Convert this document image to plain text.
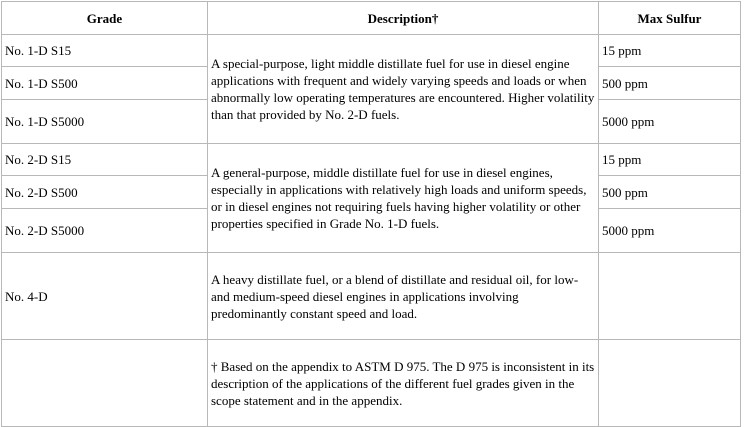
Grade	Description†	Max Sulfur
No. 1-D S15	A special-purpose, light middle distillate fuel for use in diesel engine applications with frequent and widely varying speeds and loads or when abnormally low operating temperatures are encountered. Higher volatility than that provided by No. 2-D fuels.	15 ppm
No. 1-D S500		500 ppm
No. 1-D S5000		5000 ppm
No. 2-D S15	A general-purpose, middle distillate fuel for use in diesel engines, especially in applications with relatively high loads and uniform speeds, or in diesel engines not requiring fuels having higher volatility or other properties specified in Grade No. 1-D fuels.	15 ppm
No. 2-D S500		500 ppm
No. 2-D S5000		5000 ppm
No. 4-D	A heavy distillate fuel, or a blend of distillate and residual oil, for low- and medium-speed diesel engines in applications involving predominantly constant speed and load.	
	† Based on the appendix to ASTM D 975. The D 975 is inconsistent in its description of the applications of the different fuel grades given in the scope statement and in the appendix.	
